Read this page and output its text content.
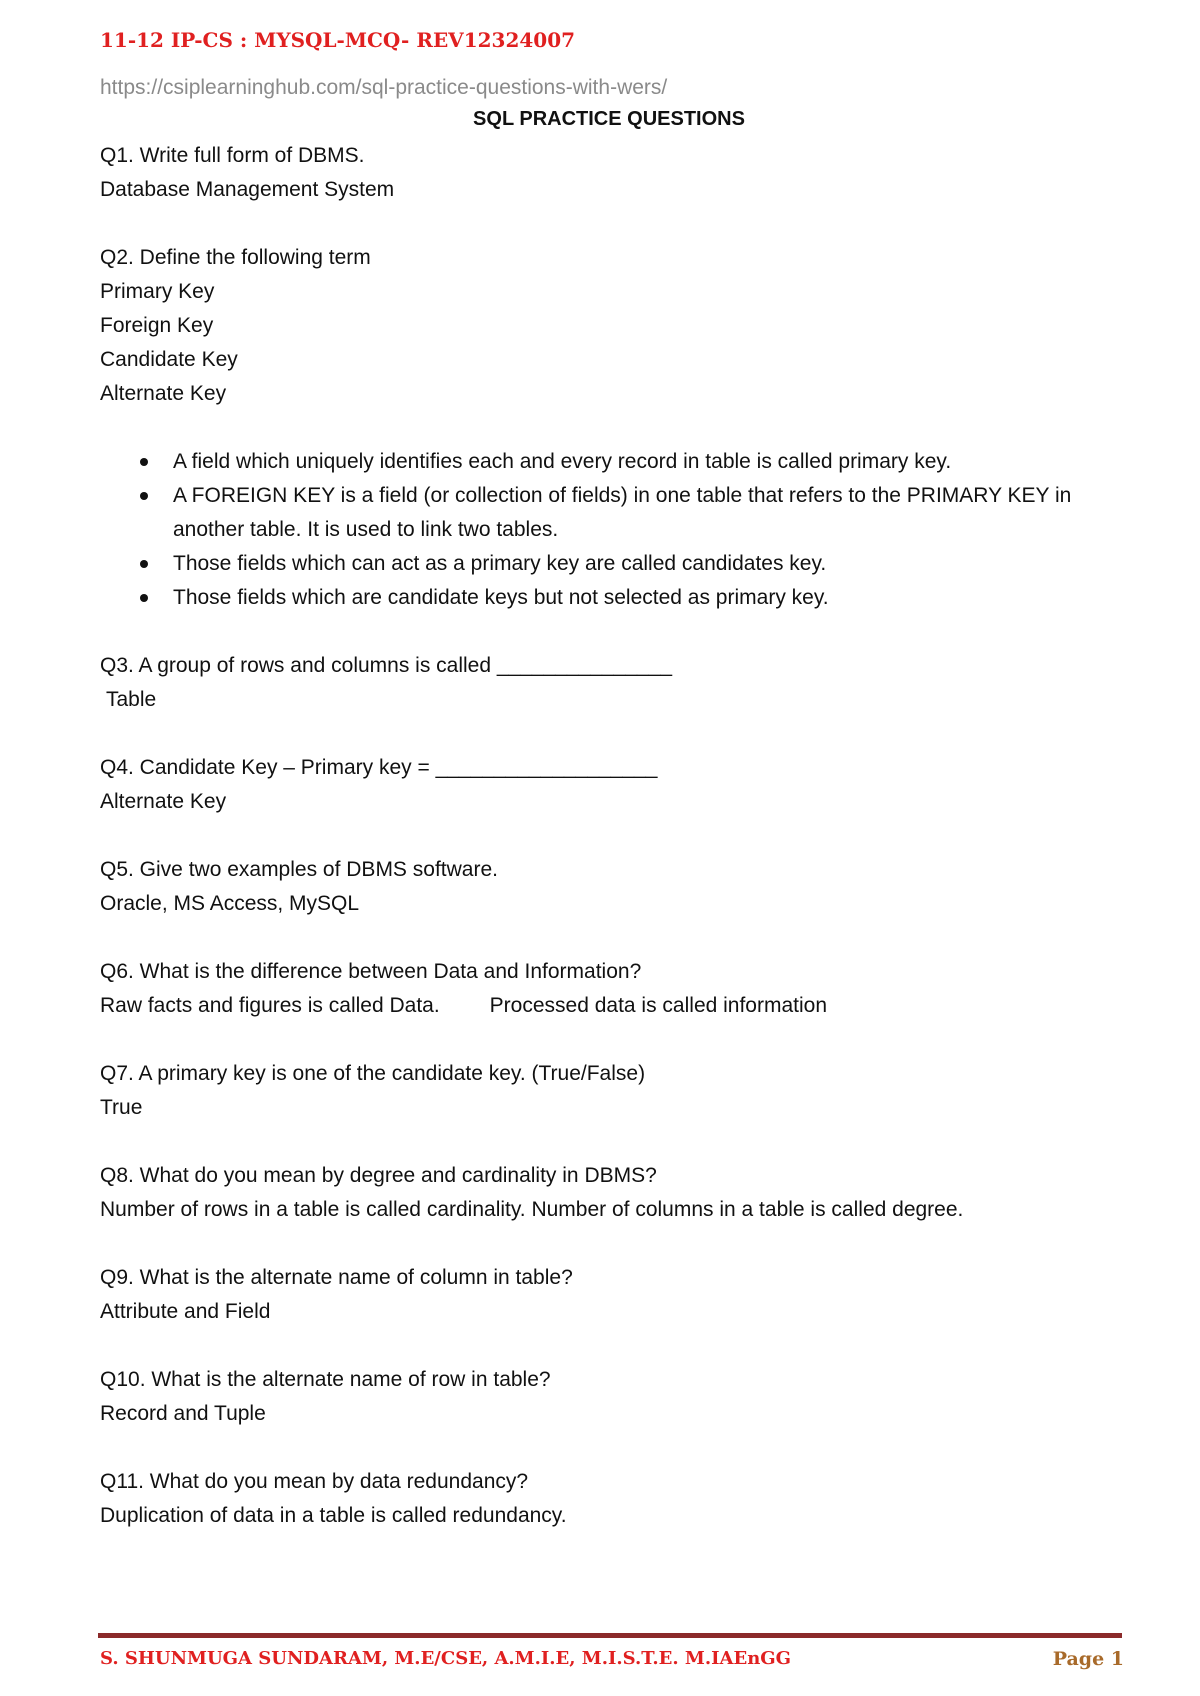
11-12 IP-CS : MYSQL-MCQ- REV12324007
https://csiplearninghub.com/sql-practice-questions-with-wers/
SQL PRACTICE QUESTIONS
Q1. Write full form of DBMS.
Database Management System
Q2. Define the following term
Primary Key
Foreign Key
Candidate Key
Alternate Key
A field which uniquely identifies each and every record in table is called primary key.
A FOREIGN KEY is a field (or collection of fields) in one table that refers to the PRIMARY KEY in another table. It is used to link two tables.
Those fields which can act as a primary key are called candidates key.
Those fields which are candidate keys but not selected as primary key.
Q3. A group of rows and columns is called _______________
Table
Q4. Candidate Key – Primary key = ___________________
Alternate Key
Q5. Give two examples of DBMS software.
Oracle, MS Access, MySQL
Q6. What is the difference between Data and Information?
Raw facts and figures is called Data. Processed data is called information
Q7. A primary key is one of the candidate key. (True/False)
True
Q8. What do you mean by degree and cardinality in DBMS?
Number of rows in a table is called cardinality. Number of columns in a table is called degree.
Q9. What is the alternate name of column in table?
Attribute and Field
Q10. What is the alternate name of row in table?
Record and Tuple
Q11. What do you mean by data redundancy?
Duplication of data in a table is called redundancy.
S. SHUNMUGA SUNDARAM, M.E/CSE, A.M.I.E, M.I.S.T.E. M.IAEnGG	Page 1
